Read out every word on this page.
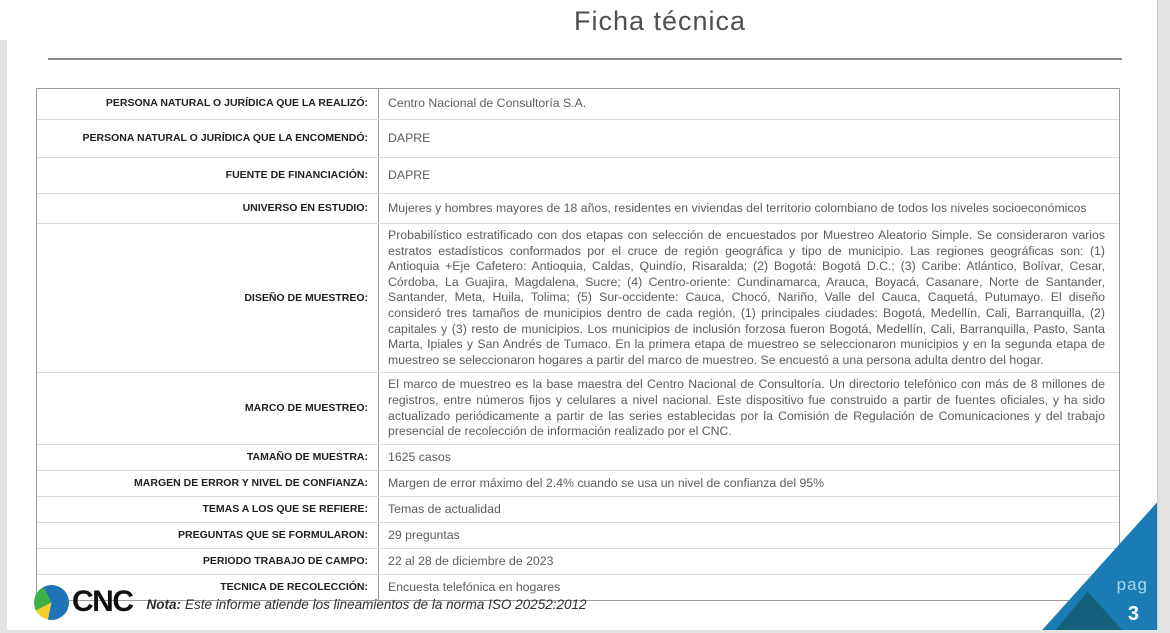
Ficha técnica
PERSONA NATURAL O JURÍDICA QUE LA REALIZÓ:	Centro Nacional de Consultoría S.A.
PERSONA NATURAL O JURÍDICA QUE LA ENCOMENDÓ:	DAPRE
FUENTE DE FINANCIACIÓN:	DAPRE
UNIVERSO EN ESTUDIO:	Mujeres y hombres mayores de 18 años, residentes en viviendas del territorio colombiano de todos los niveles socioeconómicos
DISEÑO DE MUESTREO:
Probabilístico estratificado con dos etapas con selección de encuestados por Muestreo Aleatorio Simple. Se consideraron varios estratos estadísticos conformados por el cruce de región geográfica y tipo de municipio. Las regiones geográficas son: (1) Antioquia +Eje Cafetero: Antioquia, Caldas, Quindío, Risaralda; (2) Bogotá: Bogotá D.C.; (3) Caribe: Atlántico, Bolívar, Cesar, Córdoba, La Guajira, Magdalena, Sucre; (4) Centro-oriente: Cundinamarca, Arauca, Boyacá, Casanare, Norte de Santander, Santander, Meta, Huila, Tolima; (5) Sur-occidente: Cauca, Chocó, Nariño, Valle del Cauca, Caquetá, Putumayo. El diseño consideró tres tamaños de municipios dentro de cada región, (1) principales ciudades: Bogotá, Medellín, Cali, Barranquilla, (2) capitales y (3) resto de municipios. Los municipios de inclusión forzosa fueron Bogotá, Medellín, Cali, Barranquilla, Pasto, Santa Marta, Ipiales y San Andrés de Tumaco. En la primera etapa de muestreo se seleccionaron municipios y en la segunda etapa de muestreo se seleccionaron hogares a partir del marco de muestreo. Se encuestó a una persona adulta dentro del hogar.
MARCO DE MUESTREO:
El marco de muestreo es la base maestra del Centro Nacional de Consultoría. Un directorio telefónico con más de 8 millones de registros, entre números fijos y celulares a nivel nacional. Este dispositivo fue construido a partir de fuentes oficiales, y ha sido actualizado periódicamente a partir de las series establecidas por la Comisión de Regulación de Comunicaciones y del trabajo presencial de recolección de información realizado por el CNC.
TAMAÑO DE MUESTRA:	1625 casos
MARGEN DE ERROR Y NIVEL DE CONFIANZA:	Margen de error máximo del 2.4% cuando se usa un nivel de confianza del 95%
TEMAS A LOS QUE SE REFIERE:	Temas de actualidad
PREGUNTAS QUE SE FORMULARON:	29 preguntas
PERIODO TRABAJO DE CAMPO:	22 al 28 de diciembre de 2023
TECNICA DE RECOLECCIÓN:	Encuesta telefónica en hogares
CNC Nota: Este informe atiende los lineamientos de la norma ISO 20252:2012
pag
3
